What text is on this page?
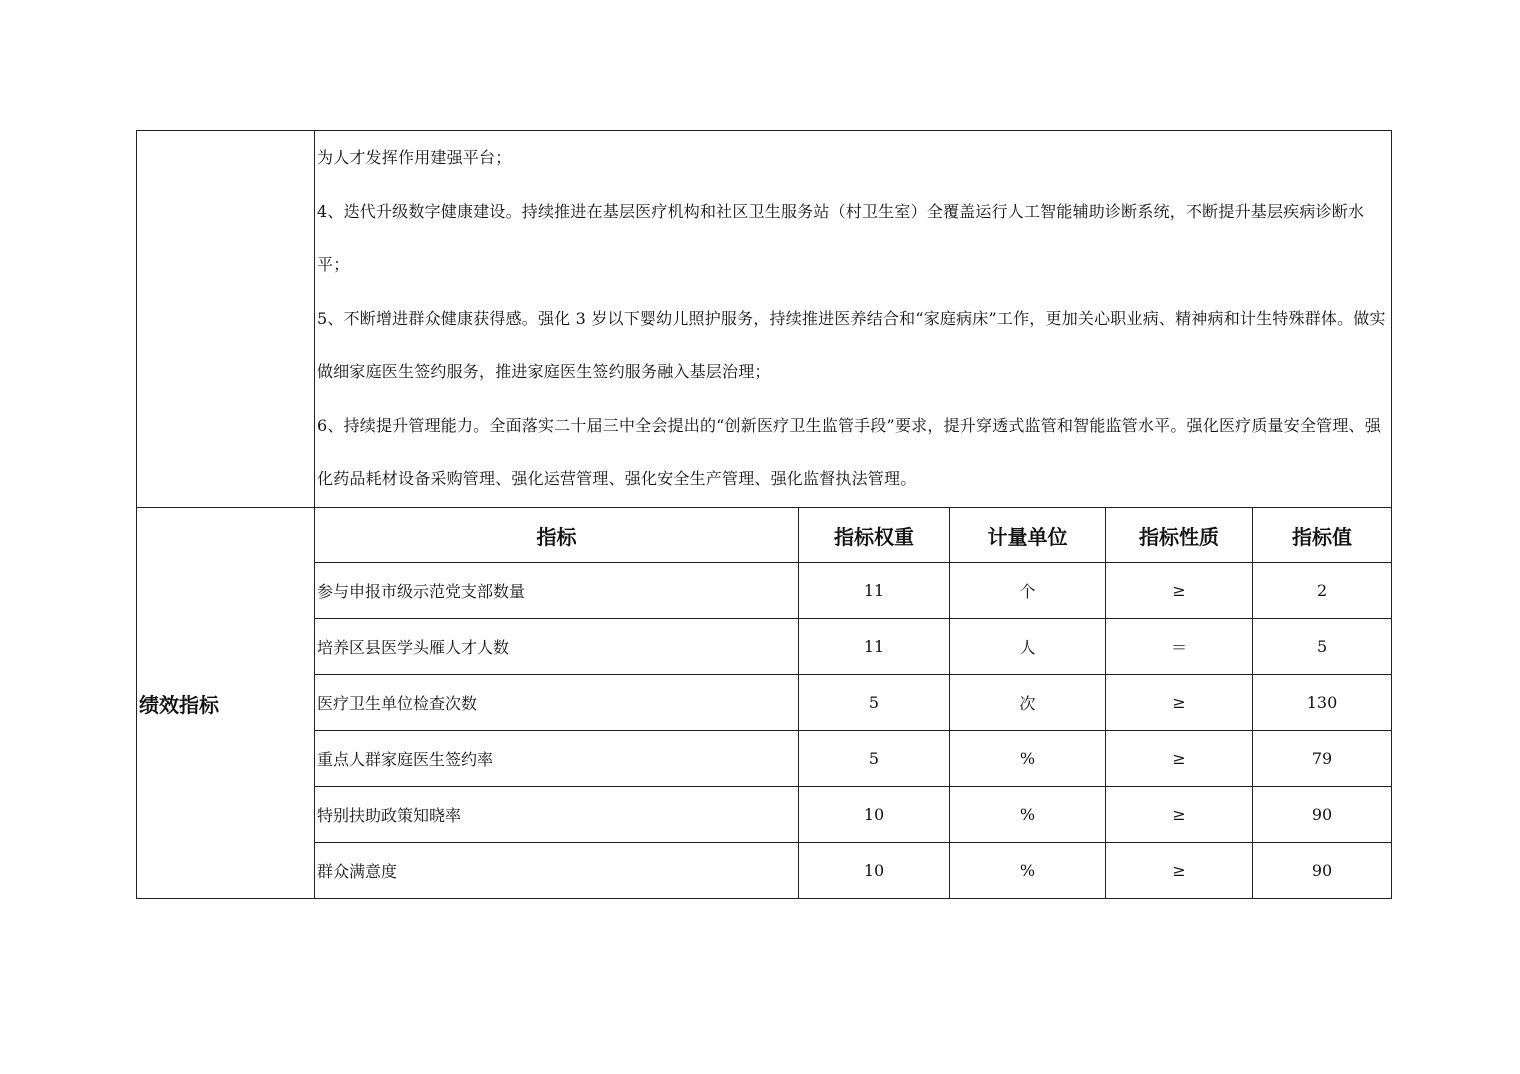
	为人才发挥作用建强平台；
4、迭代升级数字健康建设。持续推进在基层医疗机构和社区卫生服务站（村卫生室）全覆盖运行人工智能辅助诊断系统，不断提升基层疾病诊断水平；
5、不断增进群众健康获得感。强化 3 岁以下婴幼儿照护服务，持续推进医养结合和“家庭病床”工作，更加关心职业病、精神病和计生特殊群体。做实做细家庭医生签约服务，推进家庭医生签约服务融入基层治理；
6、持续提升管理能力。全面落实二十届三中全会提出的“创新医疗卫生监管手段”要求，提升穿透式监管和智能监管水平。强化医疗质量安全管理、强化药品耗材设备采购管理、强化运营管理、强化安全生产管理、强化监督执法管理。				

绩效指标	指标	指标权重	计量单位	指标性质	指标值
	参与申报市级示范党支部数量	11	个	≥	2
	培养区县医学头雁人才人数	11	人	＝	5
	医疗卫生单位检查次数	5	次	≥	130
	重点人群家庭医生签约率	5	%	≥	79
	特别扶助政策知晓率	10	%	≥	90
	群众满意度	10	%	≥	90
